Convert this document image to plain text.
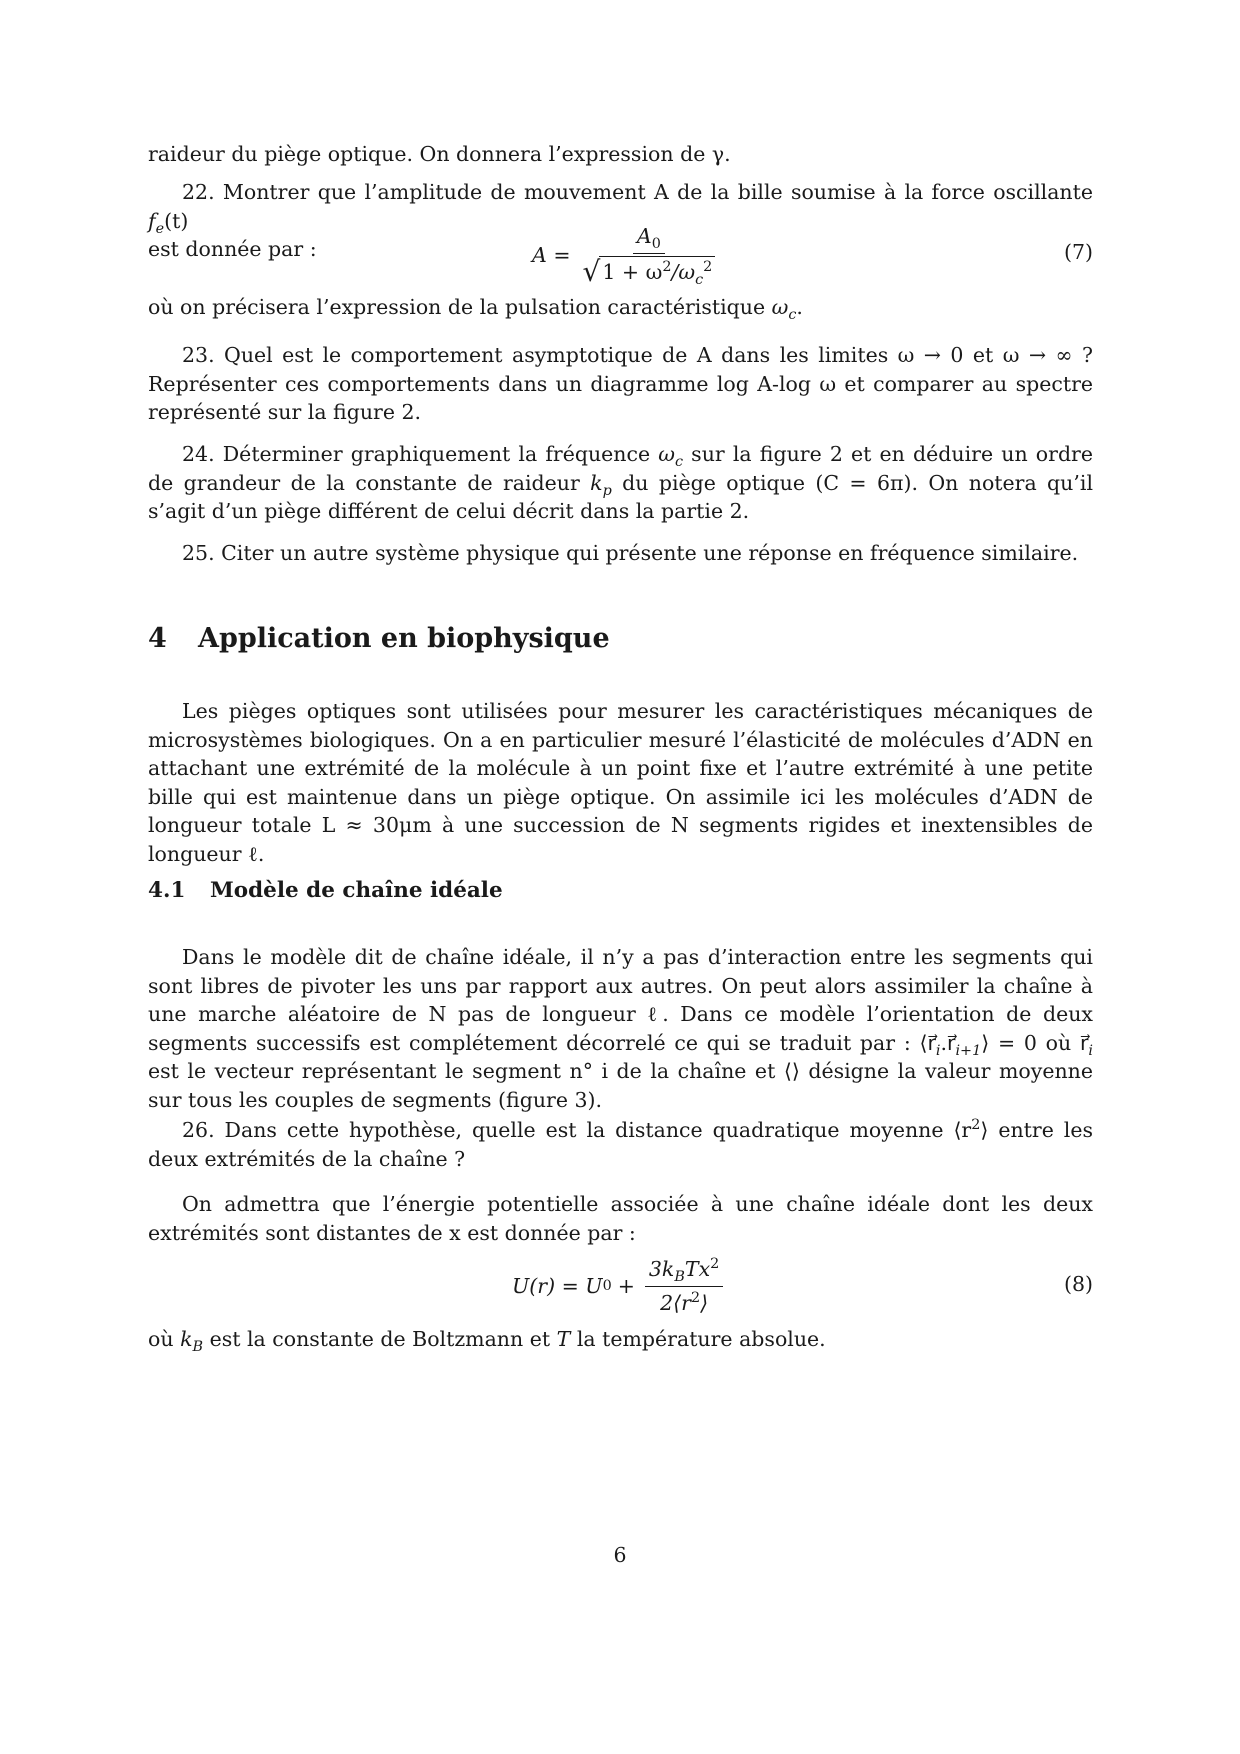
raideur du piège optique. On donnera l’expression de γ.
22. Montrer que l’amplitude de mouvement A de la bille soumise à la force oscillante $f_e(t)$
est donnée par :	$A = \frac{A_0}{√ 1 + \omega^2/\omega_c^2}$	(7)
où on précisera l’expression de la pulsation caractéristique $\omega_c$.
23. Quel est le comportement asymptotique de A dans les limites ω → 0 et ω → ∞ ? Représenter ces comportements dans un diagramme log A-log ω et comparer au spectre représenté sur la figure 2.
24. Déterminer graphiquement la fréquence $\omega_c$ sur la figure 2 et en déduire un ordre de grandeur de la constante de raideur $k_p$ du piège optique (C = 6π). On notera qu’il s’agit d’un piège différent de celui décrit dans la partie 2.
25. Citer un autre système physique qui présente une réponse en fréquence similaire.
4 Application en biophysique
Les pièges optiques sont utilisées pour mesurer les caractéristiques mécaniques de microsystèmes biologiques. On a en particulier mesuré l’élasticité de molécules d’ADN en attachant une extrémité de la molécule à un point fixe et l’autre extrémité à une petite bille qui est maintenue dans un piège optique. On assimile ici les molécules d’ADN de longueur totale L ≈ 30μm à une succession de N segments rigides et inextensibles de longueur ℓ.
4.1 Modèle de chaîne idéale
Dans le modèle dit de chaîne idéale, il n’y a pas d’interaction entre les segments qui sont libres de pivoter les uns par rapport aux autres. On peut alors assimiler la chaîne à une marche aléatoire de N pas de longueur ℓ. Dans ce modèle l’orientation de deux segments successifs est complétement décorrelé ce qui se traduit par : $⟨r⃗_i.r⃗_{i+1}⟩ = 0$ où $r⃗_i$ est le vecteur représentant le segment n° i de la chaîne et ⟨⟩ désigne la valeur moyenne sur tous les couples de segments (figure 3).
26. Dans cette hypothèse, quelle est la distance quadratique moyenne $⟨r^2⟩$ entre les deux extrémités de la chaîne ?
On admettra que l’énergie potentielle associée à une chaîne idéale dont les deux extrémités sont distantes de x est donnée par :
U(r) = U $0 + \frac{3k_BTx^2}{2⟨r^2⟩}$	(8)
où $k_B$ est la constante de Boltzmann et T la température absolue.
6
